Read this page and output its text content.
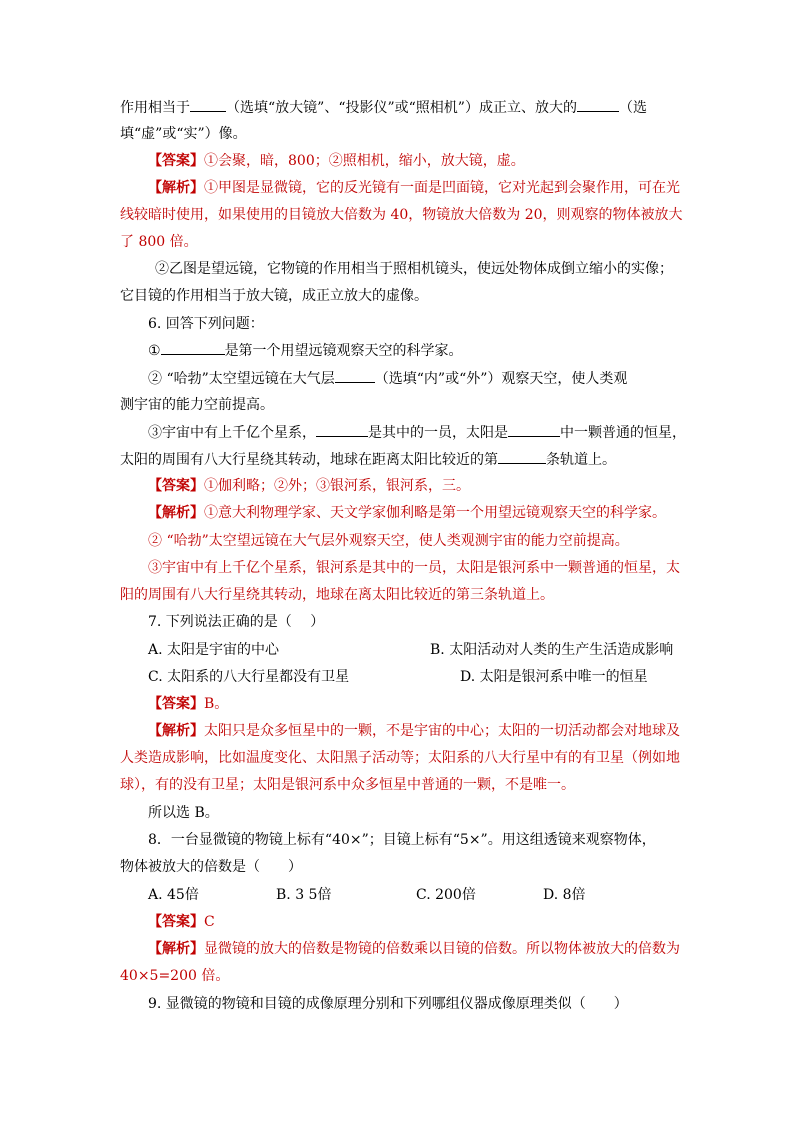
作用相当于	（选填“放大镜”、“投影仪”或“照相机”）成正立、放大的	（选
填“虚”或“实”）像。
【答案】①会聚，暗，800；②照相机，缩小，放大镜，虚。
【解析】①甲图是显微镜，它的反光镜有一面是凹面镜，它对光起到会聚作用，可在光
线较暗时使用，如果使用的目镜放大倍数为 40，物镜放大倍数为 20，则观察的物体被放大
了 800 倍。
②乙图是望远镜，它物镜的作用相当于照相机镜头，使远处物体成倒立缩小的实像；
它目镜的作用相当于放大镜，成正立放大的虚像。
6. 回答下列问题：
①	是第一个用望远镜观察天空的科学家。
② “哈勃”太空望远镜在大气层	（选填“内”或“外”）观察天空，使人类观
测宇宙的能力空前提高。
③宇宙中有上千亿个星系，	是其中的一员，太阳是	中一颗普通的恒星，
太阳的周围有八大行星绕其转动，地球在距离太阳比较近的第	条轨道上。
【答案】①伽利略；②外；③银河系，银河系，三。
【解析】①意大利物理学家、天文学家伽利略是第一个用望远镜观察天空的科学家。
② “哈勃”太空望远镜在大气层外观察天空，使人类观测宇宙的能力空前提高。
③宇宙中有上千亿个星系，银河系是其中的一员，太阳是银河系中一颗普通的恒星，太
阳的周围有八大行星绕其转动，地球在离太阳比较近的第三条轨道上。
7. 下列说法正确的是（　 ）
A. 太阳是宇宙的中心	B. 太阳活动对人类的生产生活造成影响
C. 太阳系的八大行星都没有卫星	D. 太阳是银河系中唯一的恒星
【答案】B。
【解析】太阳只是众多恒星中的一颗，不是宇宙的中心；太阳的一切活动都会对地球及
人类造成影响，比如温度变化、太阳黑子活动等；太阳系的八大行星中有的有卫星（例如地
球），有的没有卫星；太阳是银河系中众多恒星中普通的一颗，不是唯一。
所以选 B。
8．一台显微镜的物镜上标有“40×”；目镜上标有“5×”。用这组透镜来观察物体，
物体被放大的倍数是（　　）
A. 45倍	B. 3 5倍	C. 200倍	D. 8倍
【答案】C
【解析】显微镜的放大的倍数是物镜的倍数乘以目镜的倍数。所以物体被放大的倍数为
40×5=200 倍。
9. 显微镜的物镜和目镜的成像原理分别和下列哪组仪器成像原理类似（　　）
